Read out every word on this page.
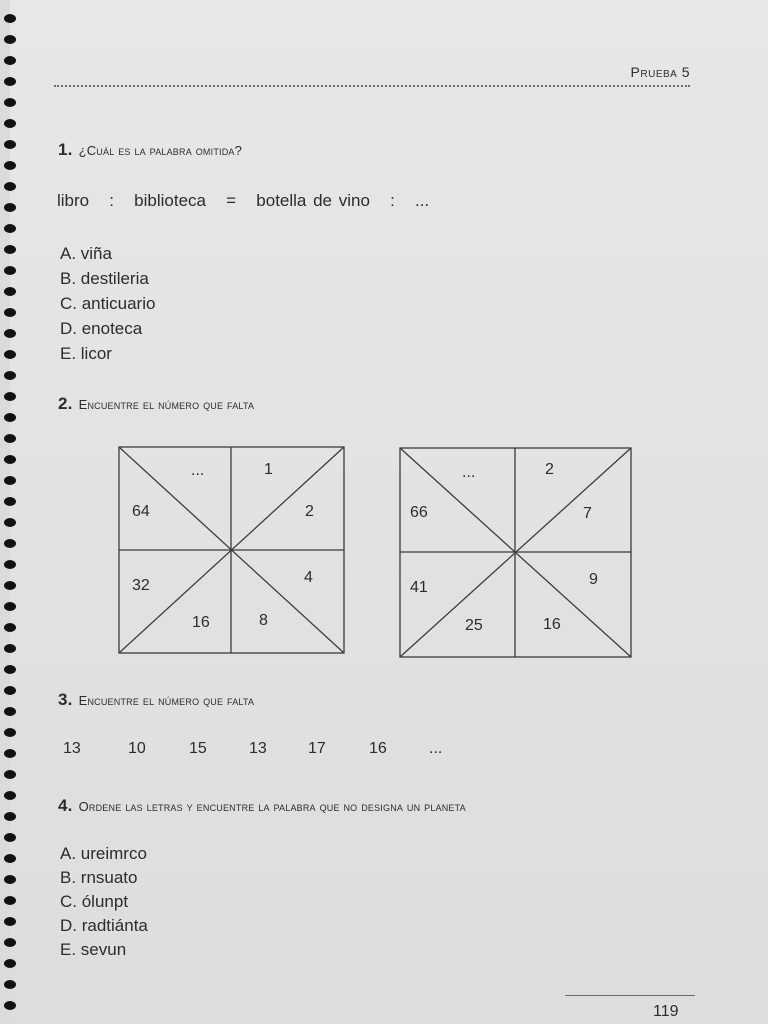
Prueba 5
1. ¿Cuál es la palabra omitida?
libro   :   biblioteca   =   botella de vino   :   ...
A. viña
B. destileria
C. anticuario
D. enoteca
E. licor
2. Encuentre el número que falta
...	1
64	2
32	4
16	8
...	2
66	7
41	9
25	16
3. Encuentre el número que falta
13	10	15	13	17	16	...
4. Ordene las letras y encuentre la palabra que no designa un planeta
A. ureimrco
B. rnsuato
C. ólunpt
D. radtiánta
E. sevun
119
